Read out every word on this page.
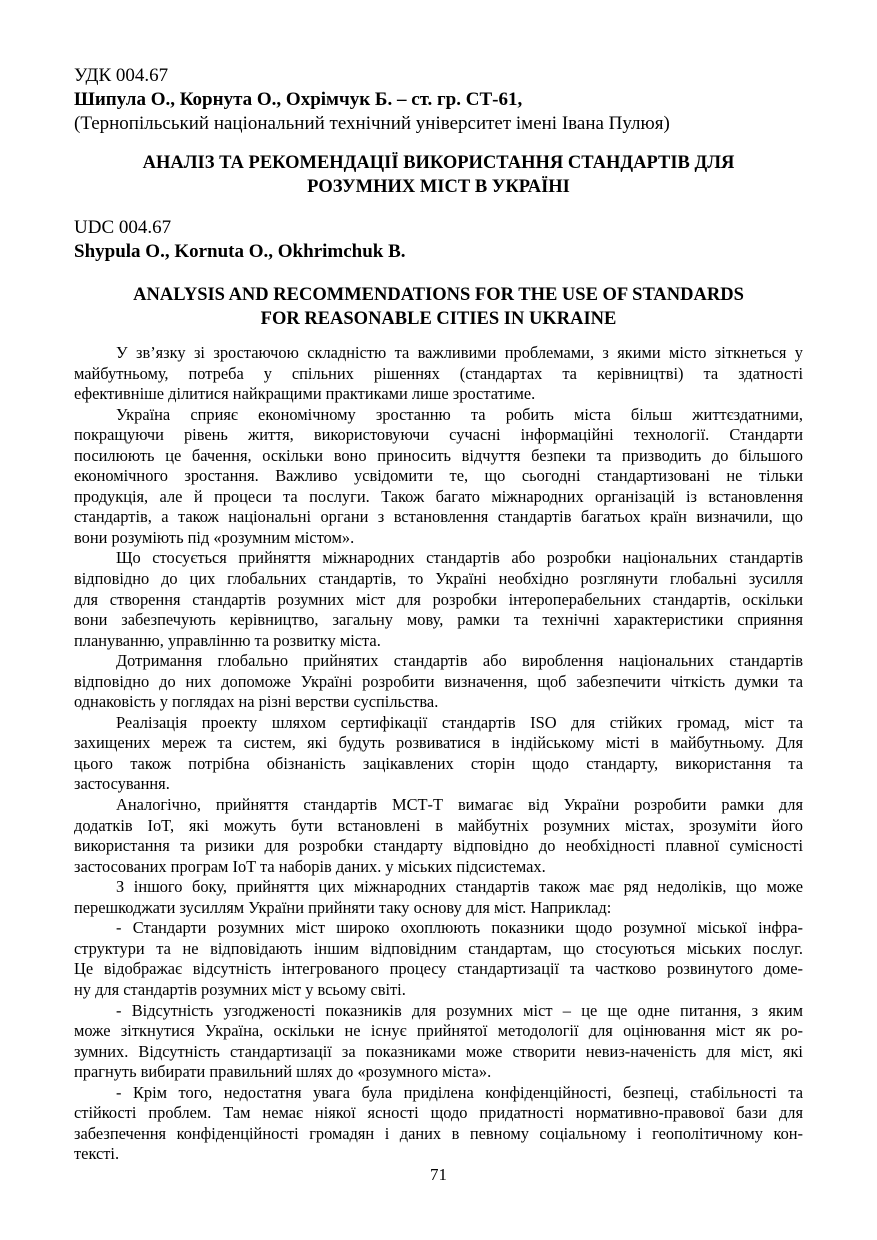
УДК 004.67
Шипула О., Корнута О., Охрімчук Б. – ст. гр. СТ-61,
(Тернопільський національний технічний університет імені Івана Пулюя)
АНАЛІЗ ТА РЕКОМЕНДАЦІЇ ВИКОРИСТАННЯ СТАНДАРТІВ ДЛЯ
РОЗУМНИХ МІСТ В УКРАЇНІ
UDC 004.67
Shypula O., Kornuta O., Okhrimchuk B.
ANALYSIS AND RECOMMENDATIONS FOR THE USE OF STANDARDS
FOR REASONABLE CITIES IN UKRAINE
У зв’язку зі зростаючою складністю та важливими проблемами, з якими місто зіткнеться у
майбутньому, потреба у спільних рішеннях (стандартах та керівництві) та здатності
ефективніше ділитися найкращими практиками лише зростатиме.
Україна сприяє економічному зростанню та робить міста більш життєздатними,
покращуючи рівень життя, використовуючи сучасні інформаційні технології. Стандарти
посилюють це бачення, оскільки воно приносить відчуття безпеки та призводить до більшого
економічного зростання. Важливо усвідомити те, що сьогодні стандартизовані не тільки
продукція, але й процеси та послуги. Також багато міжнародних організацій із встановлення
стандартів, а також національні органи з встановлення стандартів багатьох країн визначили, що
вони розуміють під «розумним містом».
Що стосується прийняття міжнародних стандартів або розробки національних стандартів
відповідно до цих глобальних стандартів, то Україні необхідно розглянути глобальні зусилля
для створення стандартів розумних міст для розробки інтероперабельних стандартів, оскільки
вони забезпечують керівництво, загальну мову, рамки та технічні характеристики сприяння
плануванню, управлінню та розвитку міста.
Дотримання глобально прийнятих стандартів або вироблення національних стандартів
відповідно до них допоможе Україні розробити визначення, щоб забезпечити чіткість думки та
однаковість у поглядах на різні верстви суспільства.
Реалізація проекту шляхом сертифікації стандартів ISO для стійких громад, міст та
захищених мереж та систем, які будуть розвиватися в індійському місті в майбутньому. Для
цього також потрібна обізнаність зацікавлених сторін щодо стандарту, використання та
застосування.
Аналогічно, прийняття стандартів МСТ-Т вимагає від України розробити рамки для
додатків IoT, які можуть бути встановлені в майбутніх розумних містах, зрозуміти його
використання та ризики для розробки стандарту відповідно до необхідності плавної сумісності
застосованих програм IoT та наборів даних. у міських підсистемах.
З іншого боку, прийняття цих міжнародних стандартів також має ряд недоліків, що може
перешкоджати зусиллям України прийняти таку основу для міст. Наприклад:
- Стандарти розумних міст широко охоплюють показники щодо розумної міської інфра-
структури та не відповідають іншим відповідним стандартам, що стосуються міських послуг.
Це відображає відсутність інтегрованого процесу стандартизації та частково розвинутого доме-
ну для стандартів розумних міст у всьому світі.
- Відсутність узгодженості показників для розумних міст – це ще одне питання, з яким
може зіткнутися Україна, оскільки не існує прийнятої методології для оцінювання міст як ро-
зумних. Відсутність стандартизації за показниками може створити невиз-наченість для міст, які
прагнуть вибирати правильний шлях до «розумного міста».
- Крім того, недостатня увага була приділена конфіденційності, безпеці, стабільності та
стійкості проблем. Там немає ніякої ясності щодо придатності нормативно-правової бази для
забезпечення конфіденційності громадян і даних в певному соціальному і геополітичному кон-
тексті.
71
